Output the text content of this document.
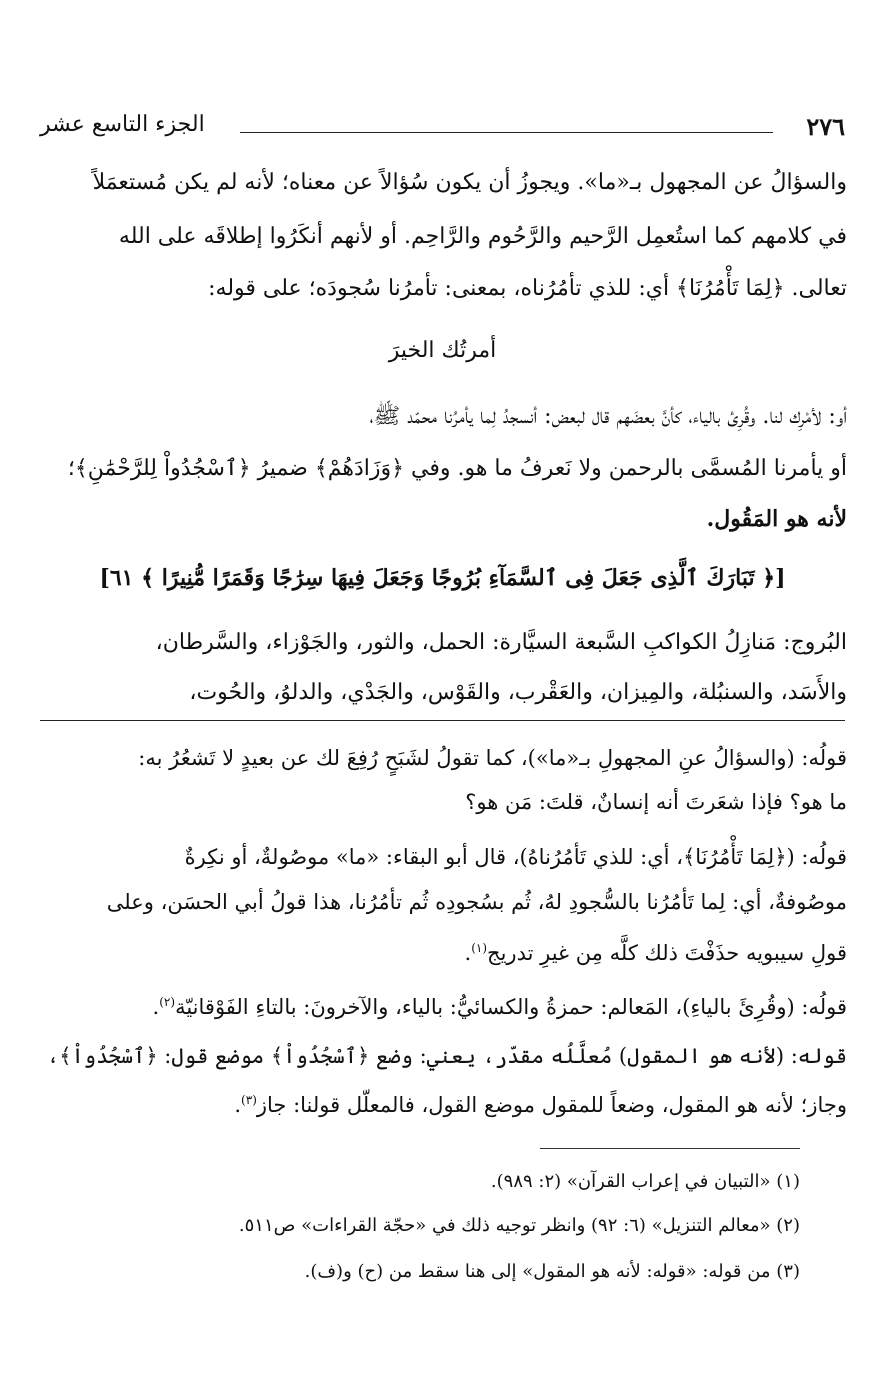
٢٧٦
الجزء التاسع عشر

والسؤالُ عن المجهول بـ«ما». ويجوزُ أن يكون سُؤالاً عن معناه؛ لأنه لم يكن مُستعمَلاً

في كلامهم كما استُعمِل الرَّحيم والرَّحُوم والرَّاحِم. أو لأنهم أنكَرُوا إطلاقَه على الله

تعالى. ﴿لِمَا تَأْمُرُنَا﴾ أي: للذي تأمُرُناه، بمعنى: تأمرُنا سُجودَه؛ على قوله:

أمرتُك الخيرَ

أو: لأمْرِك لنا. وقُرِئ بالياء، كأنَّ بعضَهم قال لبعض: أنسجدُ لِما يأمرُنا محمّد ﷺ،

أو يأمرنا المُسمَّى بالرحمن ولا نَعرفُ ما هو. وفي ﴿وَزَادَهُمْ﴾ ضميرُ ﴿ٱسْجُدُواْ لِلرَّحْمَٰنِ﴾؛

لأنه هو المَقُول.

[﴿ تَبَارَكَ ٱلَّذِى جَعَلَ فِى ٱلسَّمَآءِ بُرُوجًا وَجَعَلَ فِيهَا سِرَٰجًا وَقَمَرًا مُّنِيرًا ﴾ ٦١]

البُروج: مَنازِلُ الكواكبِ السَّبعة السيَّارة: الحمل، والثور، والجَوْزاء، والسَّرطان،

والأَسَد، والسنبُلة، والمِيزان، والعَقْرب، والقَوْس، والجَدْي، والدلوُ، والحُوت،

قولُه: (والسؤالُ عنِ المجهولِ بـ«ما»)، كما تقولُ لشَبَحٍ رُفِعَ لك عن بعيدٍ لا تَشعُرُ به:

ما هو؟ فإذا شعَرتَ أنه إنسانٌ، قلتَ: مَن هو؟

قولُه: (﴿لِمَا تَأْمُرُنَا﴾، أي: للذي تَأمُرُناهُ)، قال أبو البقاء: «ما» موصُولةٌ، أو نكِرةٌ

موصُوفةٌ، أي: لِما تَأمُرُنا بالسُّجودِ لهُ، ثُم بسُجودِه ثُم تأمُرُنا، هذا قولُ أبي الحسَن، وعلى

قولِ سيبويه حذَفْتَ ذلك كلَّه مِن غيرِ تدريج$^{(١)}$.

قولُه: (وقُرِئَ بالياءِ)، المَعالم: حمزةُ والكسائيُّ: بالياء، والآخرونَ: بالتاءِ الفَوْقانيّة$^{(٢)}$.

قوله: (لأنه هو المقول) مُعلَّلُه مقدّر، يعني: وضع ﴿ٱسْجُدُواْ﴾ موضع قول: ﴿ٱسْجُدُواْ﴾،

وجاز؛ لأنه هو المقول، وضعاً للمقول موضع القول، فالمعلّل قولنا: جاز$^{(٣)}$.

(١) «التبيان في إعراب القرآن» (٢: ٩٨٩).

(٢) «معالم التنزيل» (٦: ٩٢) وانظر توجيه ذلك في «حجّة القراءات» ص٥١١.

(٣) من قوله: «قوله: لأنه هو المقول» إلى هنا سقط من (ح) و(ف).
